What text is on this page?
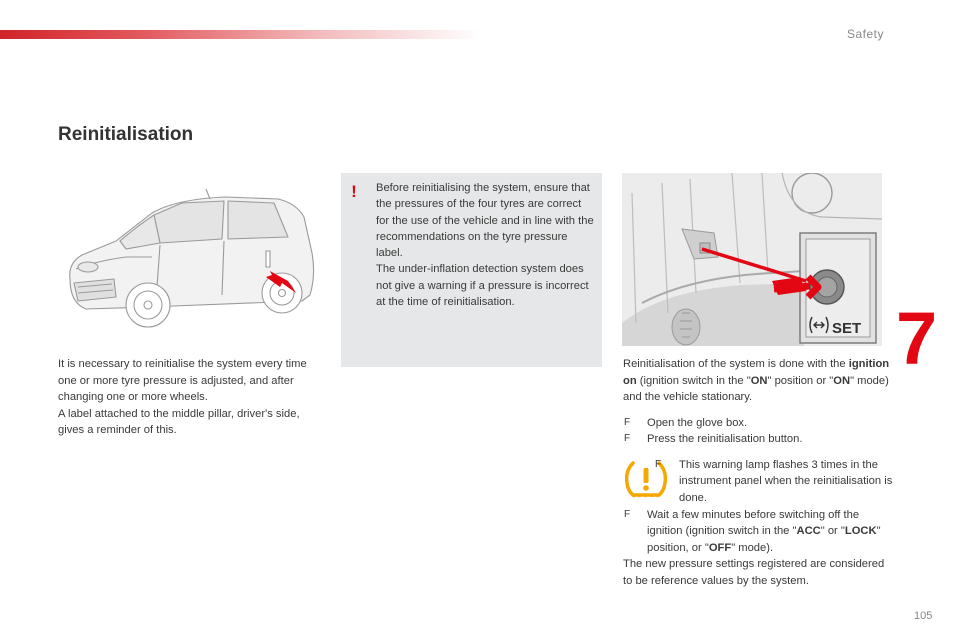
Safety
Reinitialisation

It is necessary to reinitialise the system every time one or more tyre pressure is adjusted, and after changing one or more wheels.

A label attached to the middle pillar, driver's side, gives a reminder of this.

! Before reinitialising the system, ensure that the pressures of the four tyres are correct for the use of the vehicle and in line with the recommendations on the tyre pressure label.

The under-inflation detection system does not give a warning if a pressure is incorrect at the time of reinitialisation.

SET 7

Reinitialisation of the system is done with the ignition on (ignition switch in the "ON" position or "ON" mode) and the vehicle stationary.

F Open the glove box.
F Press the reinitialisation button.
F This warning lamp flashes 3 times in the instrument panel when the reinitialisation is done.
F Wait a few minutes before switching off the ignition (ignition switch in the "ACC" or "LOCK" position, or "OFF" mode).

The new pressure settings registered are considered to be reference values by the system.

105
